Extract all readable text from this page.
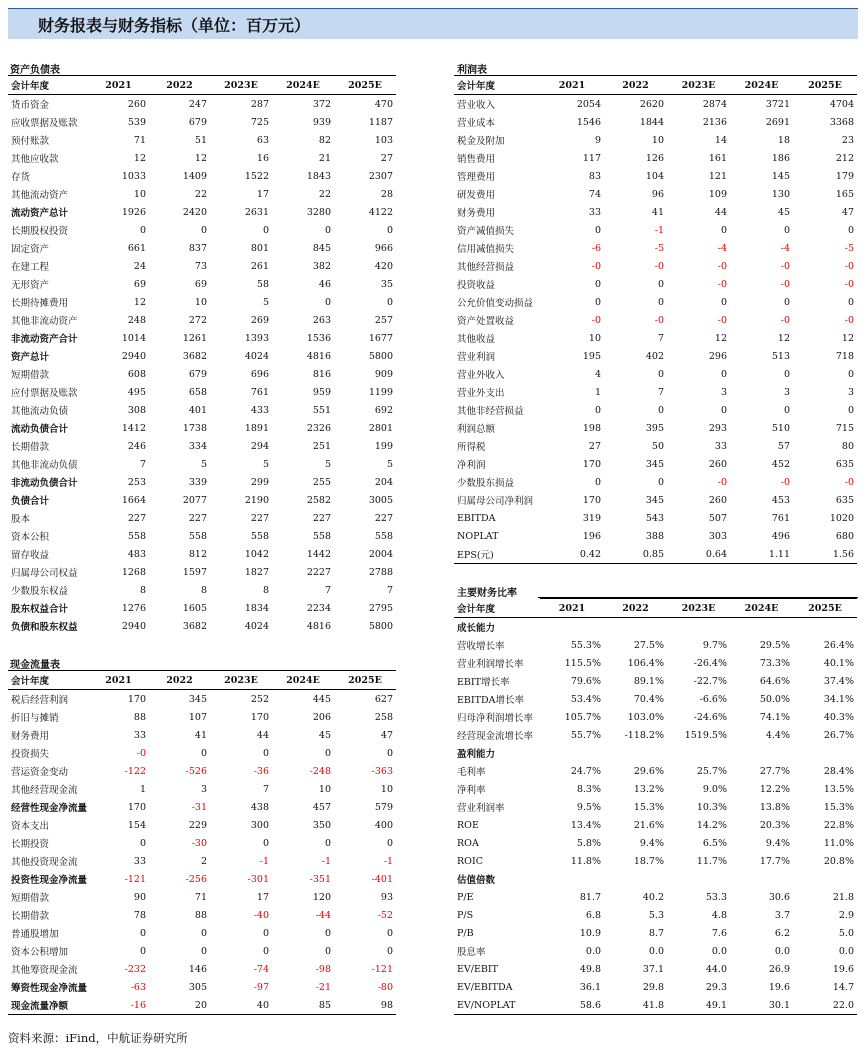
财务报表与财务指标（单位：百万元）
资产负债表
会计年度	2021	2022	2023E	2024E	2025E
货币资金	260	247	287	372	470
应收票据及账款	539	679	725	939	1187
预付账款	71	51	63	82	103
其他应收款	12	12	16	21	27
存货	1033	1409	1522	1843	2307
其他流动资产	10	22	17	22	28
流动资产总计	1926	2420	2631	3280	4122
长期股权投资	0	0	0	0	0
固定资产	661	837	801	845	966
在建工程	24	73	261	382	420
无形资产	69	69	58	46	35
长期待摊费用	12	10	5	0	0
其他非流动资产	248	272	269	263	257
非流动资产合计	1014	1261	1393	1536	1677
资产总计	2940	3682	4024	4816	5800
短期借款	608	679	696	816	909
应付票据及账款	495	658	761	959	1199
其他流动负债	308	401	433	551	692
流动负债合计	1412	1738	1891	2326	2801
长期借款	246	334	294	251	199
其他非流动负债	7	5	5	5	5
非流动负债合计	253	339	299	255	204
负债合计	1664	2077	2190	2582	3005
股本	227	227	227	227	227
资本公积	558	558	558	558	558
留存收益	483	812	1042	1442	2004
归属母公司权益	1268	1597	1827	2227	2788
少数股东权益	8	8	8	7	7
股东权益合计	1276	1605	1834	2234	2795
负债和股东权益	2940	3682	4024	4816	5800
利润表
会计年度	2021	2022	2023E	2024E	2025E
营业收入	2054	2620	2874	3721	4704
营业成本	1546	1844	2136	2691	3368
税金及附加	9	10	14	18	23
销售费用	117	126	161	186	212
管理费用	83	104	121	145	179
研发费用	74	96	109	130	165
财务费用	33	41	44	45	47
资产减值损失	0	-1	0	0	0
信用减值损失	-6	-5	-4	-4	-5
其他经营损益	-0	-0	-0	-0	-0
投资收益	0	0	-0	-0	-0
公允价值变动损益	0	0	0	0	0
资产处置收益	-0	-0	-0	-0	-0
其他收益	10	7	12	12	12
营业利润	195	402	296	513	718
营业外收入	4	0	0	0	0
营业外支出	1	7	3	3	3
其他非经营损益	0	0	0	0	0
利润总额	198	395	293	510	715
所得税	27	50	33	57	80
净利润	170	345	260	452	635
少数股东损益	0	0	-0	-0	-0
归属母公司净利润	170	345	260	453	635
EBITDA	319	543	507	761	1020
NOPLAT	196	388	303	496	680
EPS(元)	0.42	0.85	0.64	1.11	1.56
现金流量表
会计年度	2021	2022	2023E	2024E	2025E
税后经营利润	170	345	252	445	627
折旧与摊销	88	107	170	206	258
财务费用	33	41	44	45	47
投资损失	-0	0	0	0	0
营运资金变动	-122	-526	-36	-248	-363
其他经营现金流	1	3	7	10	10
经营性现金净流量	170	-31	438	457	579
资本支出	154	229	300	350	400
长期投资	0	-30	0	0	0
其他投资现金流	33	2	-1	-1	-1
投资性现金净流量	-121	-256	-301	-351	-401
短期借款	90	71	17	120	93
长期借款	78	88	-40	-44	-52
普通股增加	0	0	0	0	0
资本公积增加	0	0	0	0	0
其他筹资现金流	-232	146	-74	-98	-121
筹资性现金净流量	-63	305	-97	-21	-80
现金流量净额	-16	20	40	85	98
主要财务比率
会计年度	2021	2022	2023E	2024E	2025E
成长能力					
营收增长率	55.3%	27.5%	9.7%	29.5%	26.4%
营业利润增长率	115.5%	106.4%	-26.4%	73.3%	40.1%
EBIT增长率	79.6%	89.1%	-22.7%	64.6%	37.4%
EBITDA增长率	53.4%	70.4%	-6.6%	50.0%	34.1%
归母净利润增长率	105.7%	103.0%	-24.6%	74.1%	40.3%
经营现金流增长率	55.7%	-118.2%	1519.5%	4.4%	26.7%
盈利能力					
毛利率	24.7%	29.6%	25.7%	27.7%	28.4%
净利率	8.3%	13.2%	9.0%	12.2%	13.5%
营业利润率	9.5%	15.3%	10.3%	13.8%	15.3%
ROE	13.4%	21.6%	14.2%	20.3%	22.8%
ROA	5.8%	9.4%	6.5%	9.4%	11.0%
ROIC	11.8%	18.7%	11.7%	17.7%	20.8%
估值倍数					
P/E	81.7	40.2	53.3	30.6	21.8
P/S	6.8	5.3	4.8	3.7	2.9
P/B	10.9	8.7	7.6	6.2	5.0
股息率	0.0	0.0	0.0	0.0	0.0
EV/EBIT	49.8	37.1	44.0	26.9	19.6
EV/EBITDA	36.1	29.8	29.3	19.6	14.7
EV/NOPLAT	58.6	41.8	49.1	30.1	22.0
资料来源：iFind，中航证券研究所
